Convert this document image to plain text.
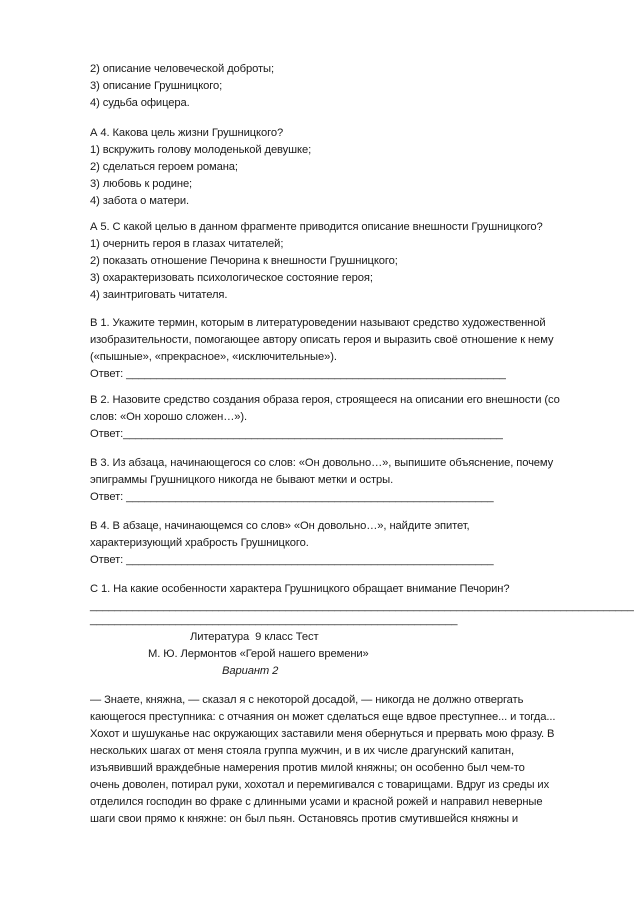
2) описание человеческой доброты;
3) описание Грушницкого;
4) судьба офицера.
А 4. Какова цель жизни Грушницкого?
1) вскружить голову молоденькой девушке;
2) сделаться героем романа;
3) любовь к родине;
4) забота о матери.
А 5. С какой целью в данном фрагменте приводится описание внешности Грушницкого?
1) очернить героя в глазах читателей;
2) показать отношение Печорина к внешности Грушницкого;
3) охарактеризовать психологическое состояние героя;
4) заинтриговать читателя.
В 1. Укажите термин, которым в литературоведении называют средство художественной
изобразительности, помогающее автору описать героя и выразить своё отношение к нему
(«пышные», «прекрасное», «исключительные»).
Ответ: ______________________________________________________________
В 2. Назовите средство создания образа героя, строящееся на описании его внешности (со
слов: «Он хорошо сложен…»).
Ответ:______________________________________________________________
В 3. Из абзаца, начинающегося со слов: «Он довольно…», выпишите объяснение, почему
эпиграммы Грушницкого никогда не бывают метки и остры.
Ответ: ____________________________________________________________
В 4. В абзаце, начинающемся со слов» «Он довольно…», найдите эпитет,
характеризующий храбрость Грушницкого.
Ответ: ____________________________________________________________
С 1. На какие особенности характера Грушницкого обращает внимание Печорин?
_________________________________________________________________________________________
____________________________________________________________
Литература  9 класс Тест
М. Ю. Лермонтов «Герой нашего времени»
Вариант 2
— Знаете, княжна, — сказал я с некоторой досадой, — никогда не должно отвергать
кающегося преступника: с отчаяния он может сделаться еще вдвое преступнее... и тогда...
Хохот и шушуканье нас окружающих заставили меня обернуться и прервать мою фразу. В
нескольких шагах от меня стояла группа мужчин, и в их числе драгунский капитан,
изъявивший враждебные намерения против милой княжны; он особенно был чем-то
очень доволен, потирал руки, хохотал и перемигивался с товарищами. Вдруг из среды их
отделился господин во фраке с длинными усами и красной рожей и направил неверные
шаги свои прямо к княжне: он был пьян. Остановясь против смутившейся княжны и
